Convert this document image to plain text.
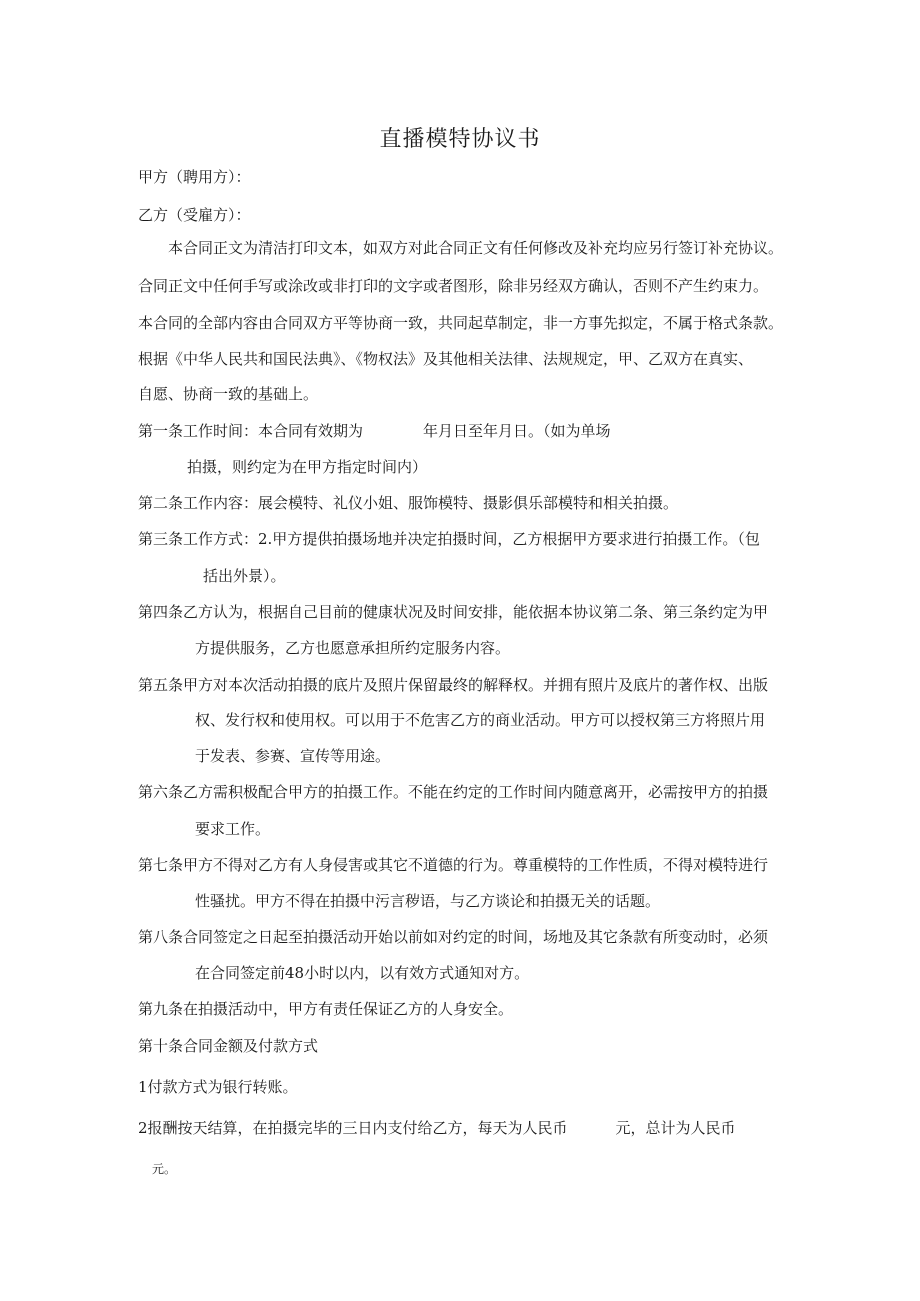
直播模特协议书
甲方（聘用方）：
乙方（受雇方）：
本合同正文为清洁打印文本，如双方对此合同正文有任何修改及补充均应另行签订补充协议。
合同正文中任何手写或涂改或非打印的文字或者图形，除非另经双方确认，否则不产生约束力。
本合同的全部内容由合同双方平等协商一致，共同起草制定，非一方事先拟定，不属于格式条款。
根据《中华人民共和国民法典》、《物权法》及其他相关法律、法规规定，甲、乙双方在真实、
自愿、协商一致的基础上。
第一条工作时间：本合同有效期为	年月日至年月日。（如为单场
拍摄，则约定为在甲方指定时间内）
第二条工作内容：展会模特、礼仪小姐、服饰模特、摄影俱乐部模特和相关拍摄。
第三条工作方式：2.甲方提供拍摄场地并决定拍摄时间，乙方根据甲方要求进行拍摄工作。（包
括出外景）。
第四条乙方认为，根据自己目前的健康状况及时间安排，能依据本协议第二条、第三条约定为甲
方提供服务，乙方也愿意承担所约定服务内容。
第五条甲方对本次活动拍摄的底片及照片保留最终的解释权。并拥有照片及底片的著作权、出版
权、发行权和使用权。可以用于不危害乙方的商业活动。甲方可以授权第三方将照片用
于发表、参赛、宣传等用途。
第六条乙方需积极配合甲方的拍摄工作。不能在约定的工作时间内随意离开，必需按甲方的拍摄
要求工作。
第七条甲方不得对乙方有人身侵害或其它不道德的行为。尊重模特的工作性质，不得对模特进行
性骚扰。甲方不得在拍摄中污言秽语，与乙方谈论和拍摄无关的话题。
第八条合同签定之日起至拍摄活动开始以前如对约定的时间，场地及其它条款有所变动时，必须
在合同签定前48小时以内，以有效方式通知对方。
第九条在拍摄活动中，甲方有责任保证乙方的人身安全。
第十条合同金额及付款方式
1付款方式为银行转账。
2报酬按天结算，在拍摄完毕的三日内支付给乙方，每天为人民币	元，总计为人民币
元。
